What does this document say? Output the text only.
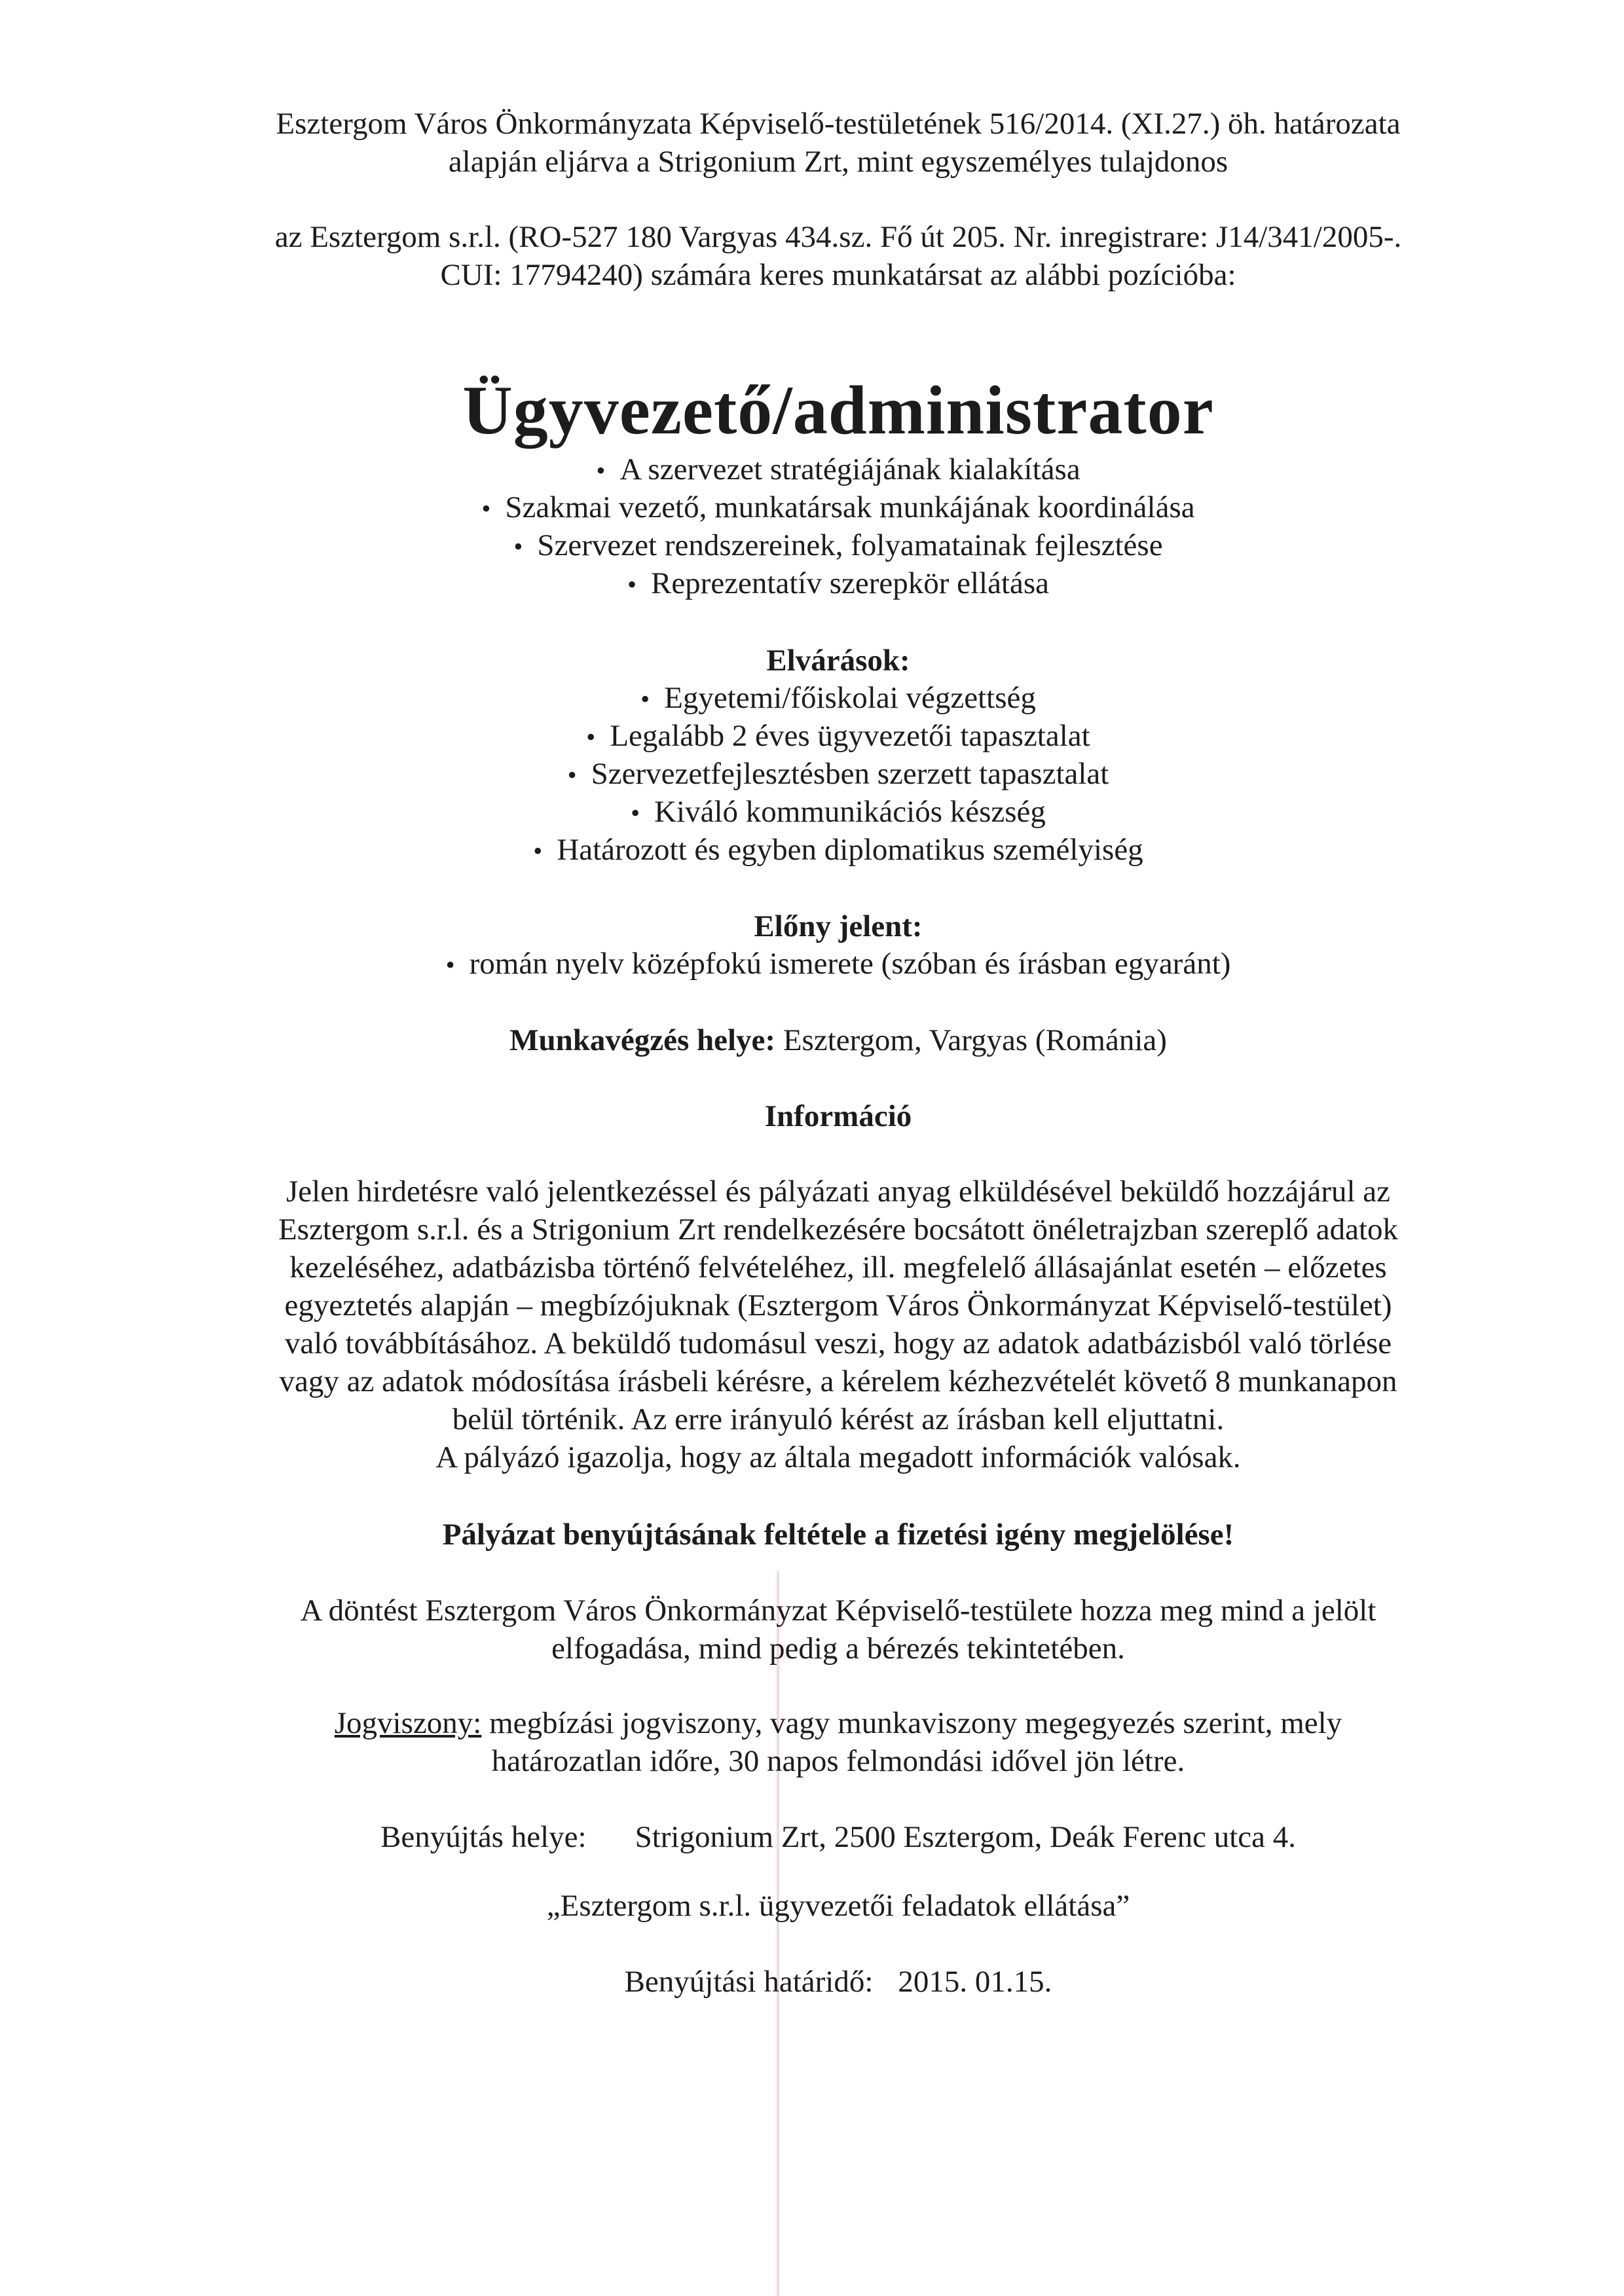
Esztergom Város Önkormányzata Képviselő-testületének 516/2014. (XI.27.) öh. határozata

alapján eljárva a Strigonium Zrt, mint egyszemélyes tulajdonos

az Esztergom s.r.l. (RO-527 180 Vargyas 434.sz. Fő út 205. Nr. inregistrare: J14/341/2005-.

CUI: 17794240) számára keres munkatársat az alábbi pozícióba:

Ügyvezető/administrator
• A szervezet stratégiájának kialakítása
• Szakmai vezető, munkatársak munkájának koordinálása
• Szervezet rendszereinek, folyamatainak fejlesztése
• Reprezentatív szerepkör ellátása

Elvárások:

• Egyetemi/főiskolai végzettség
• Legalább 2 éves ügyvezetői tapasztalat
• Szervezetfejlesztésben szerzett tapasztalat
• Kiváló kommunikációs készség
• Határozott és egyben diplomatikus személyiség

Előny jelent:

• román nyelv középfokú ismerete (szóban és írásban egyaránt)

Munkavégzés helye: Esztergom, Vargyas (Románia)

Információ

Jelen hirdetésre való jelentkezéssel és pályázati anyag elküldésével beküldő hozzájárul az

Esztergom s.r.l. és a Strigonium Zrt rendelkezésére bocsátott önéletrajzban szereplő adatok

kezeléséhez, adatbázisba történő felvételéhez, ill. megfelelő állásajánlat esetén – előzetes

egyeztetés alapján – megbízójuknak (Esztergom Város Önkormányzat Képviselő-testület)

való továbbításához. A beküldő tudomásul veszi, hogy az adatok adatbázisból való törlése

vagy az adatok módosítása írásbeli kérésre, a kérelem kézhezvételét követő 8 munkanapon

belül történik. Az erre irányuló kérést az írásban kell eljuttatni.

A pályázó igazolja, hogy az általa megadott információk valósak.

Pályázat benyújtásának feltétele a fizetési igény megjelölése!

A döntést Esztergom Város Önkormányzat Képviselő-testülete hozza meg mind a jelölt

elfogadása, mind pedig a bérezés tekintetében.

Jogviszony: megbízási jogviszony, vagy munkaviszony megegyezés szerint, mely

határozatlan időre, 30 napos felmondási idővel jön létre.

Benyújtás helye: Strigonium Zrt, 2500 Esztergom, Deák Ferenc utca 4.

„Esztergom s.r.l. ügyvezetői feladatok ellátása”

Benyújtási határidő: 2015. 01.15.
